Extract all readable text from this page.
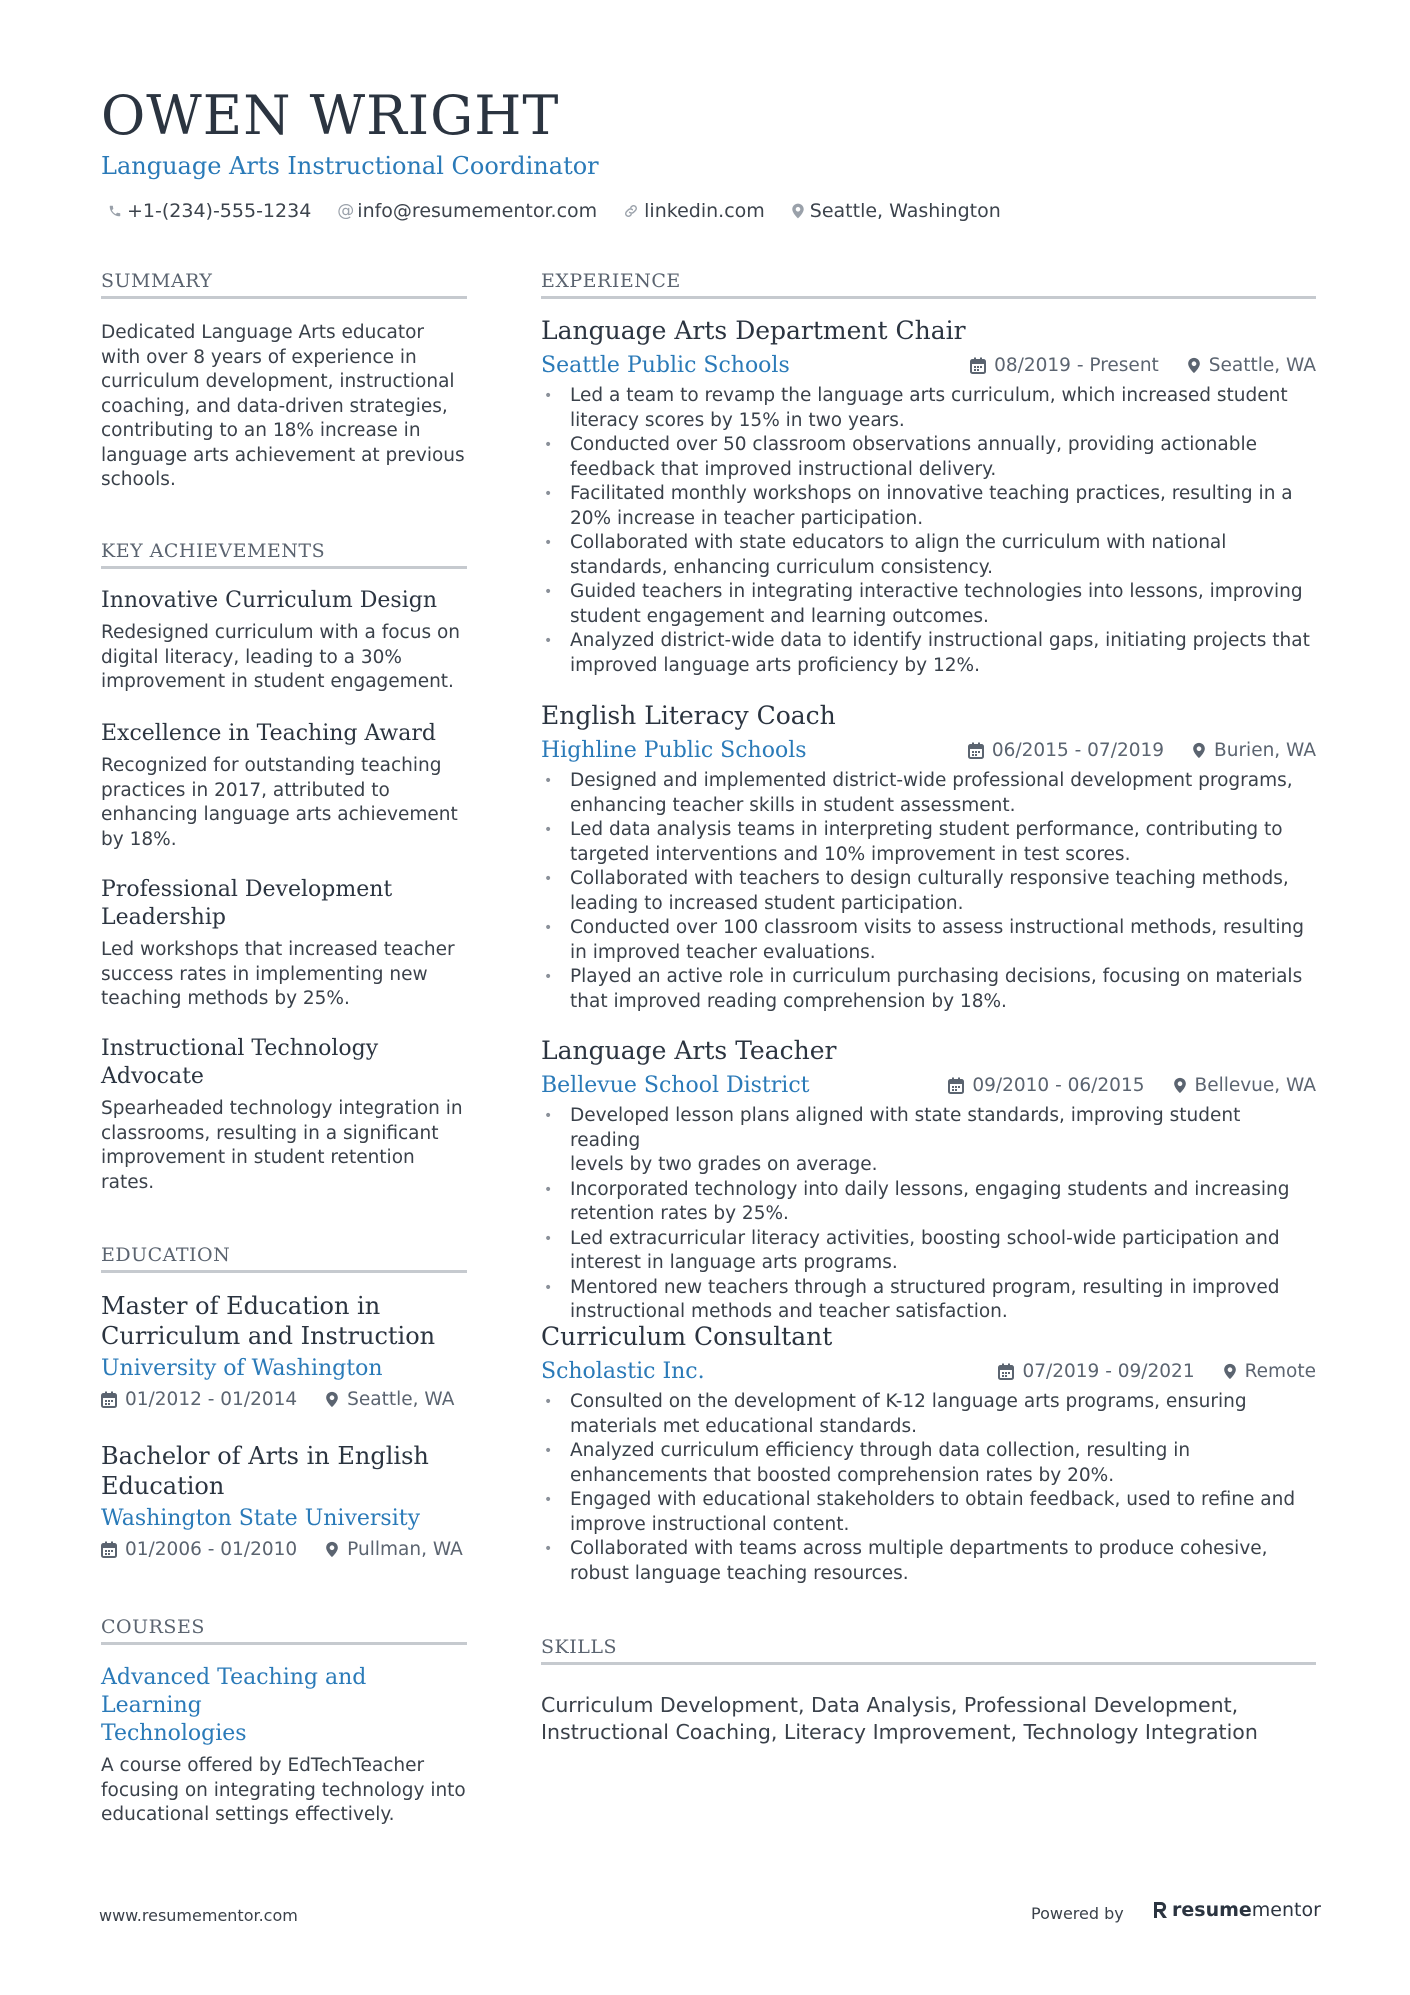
OWEN WRIGHT
Language Arts Instructional Coordinator
+1-(234)-555-1234 @ info@resumementor.com linkedin.com Seattle, Washington
SUMMARY
Dedicated Language Arts educator
with over 8 years of experience in
curriculum development, instructional
coaching, and data-driven strategies,
contributing to an 18% increase in
language arts achievement at previous
schools.
KEY ACHIEVEMENTS
Innovative Curriculum Design
Redesigned curriculum with a focus on
digital literacy, leading to a 30%
improvement in student engagement.
Excellence in Teaching Award
Recognized for outstanding teaching
practices in 2017, attributed to
enhancing language arts achievement
by 18%.
Professional Development
Leadership
Led workshops that increased teacher
success rates in implementing new
teaching methods by 25%.
Instructional Technology
Advocate
Spearheaded technology integration in
classrooms, resulting in a significant
improvement in student retention
rates.
EDUCATION
Master of Education in
Curriculum and Instruction
University of Washington
01/2012 - 01/2014	Seattle, WA
Bachelor of Arts in English
Education
Washington State University
01/2006 - 01/2010	Pullman, WA
COURSES
Advanced Teaching and Learning
Technologies
A course offered by EdTechTeacher
focusing on integrating technology into
educational settings effectively.
EXPERIENCE
Language Arts Department Chair
Seattle Public Schools	08/2019 - Present	Seattle, WA
• Led a team to revamp the language arts curriculum, which increased student
literacy scores by 15% in two years.
• Conducted over 50 classroom observations annually, providing actionable
feedback that improved instructional delivery.
• Facilitated monthly workshops on innovative teaching practices, resulting in a
20% increase in teacher participation.
• Collaborated with state educators to align the curriculum with national
standards, enhancing curriculum consistency.
• Guided teachers in integrating interactive technologies into lessons, improving
student engagement and learning outcomes.
• Analyzed district-wide data to identify instructional gaps, initiating projects that
improved language arts proficiency by 12%.
English Literacy Coach
Highline Public Schools	06/2015 - 07/2019	Burien, WA
• Designed and implemented district-wide professional development programs,
enhancing teacher skills in student assessment.
• Led data analysis teams in interpreting student performance, contributing to
targeted interventions and 10% improvement in test scores.
• Collaborated with teachers to design culturally responsive teaching methods,
leading to increased student participation.
• Conducted over 100 classroom visits to assess instructional methods, resulting
in improved teacher evaluations.
• Played an active role in curriculum purchasing decisions, focusing on materials
that improved reading comprehension by 18%.
Language Arts Teacher
Bellevue School District	09/2010 - 06/2015	Bellevue, WA
• Developed lesson plans aligned with state standards, improving student reading
levels by two grades on average.
• Incorporated technology into daily lessons, engaging students and increasing
retention rates by 25%.
• Led extracurricular literacy activities, boosting school-wide participation and
interest in language arts programs.
• Mentored new teachers through a structured program, resulting in improved
instructional methods and teacher satisfaction.
Curriculum Consultant
Scholastic Inc.	07/2019 - 09/2021	Remote
• Consulted on the development of K-12 language arts programs, ensuring
materials met educational standards.
• Analyzed curriculum efficiency through data collection, resulting in
enhancements that boosted comprehension rates by 20%.
• Engaged with educational stakeholders to obtain feedback, used to refine and
improve instructional content.
• Collaborated with teams across multiple departments to produce cohesive,
robust language teaching resources.
SKILLS
Curriculum Development, Data Analysis, Professional Development,
Instructional Coaching, Literacy Improvement, Technology Integration
www.resumementor.com	Powered by	resume mentor
